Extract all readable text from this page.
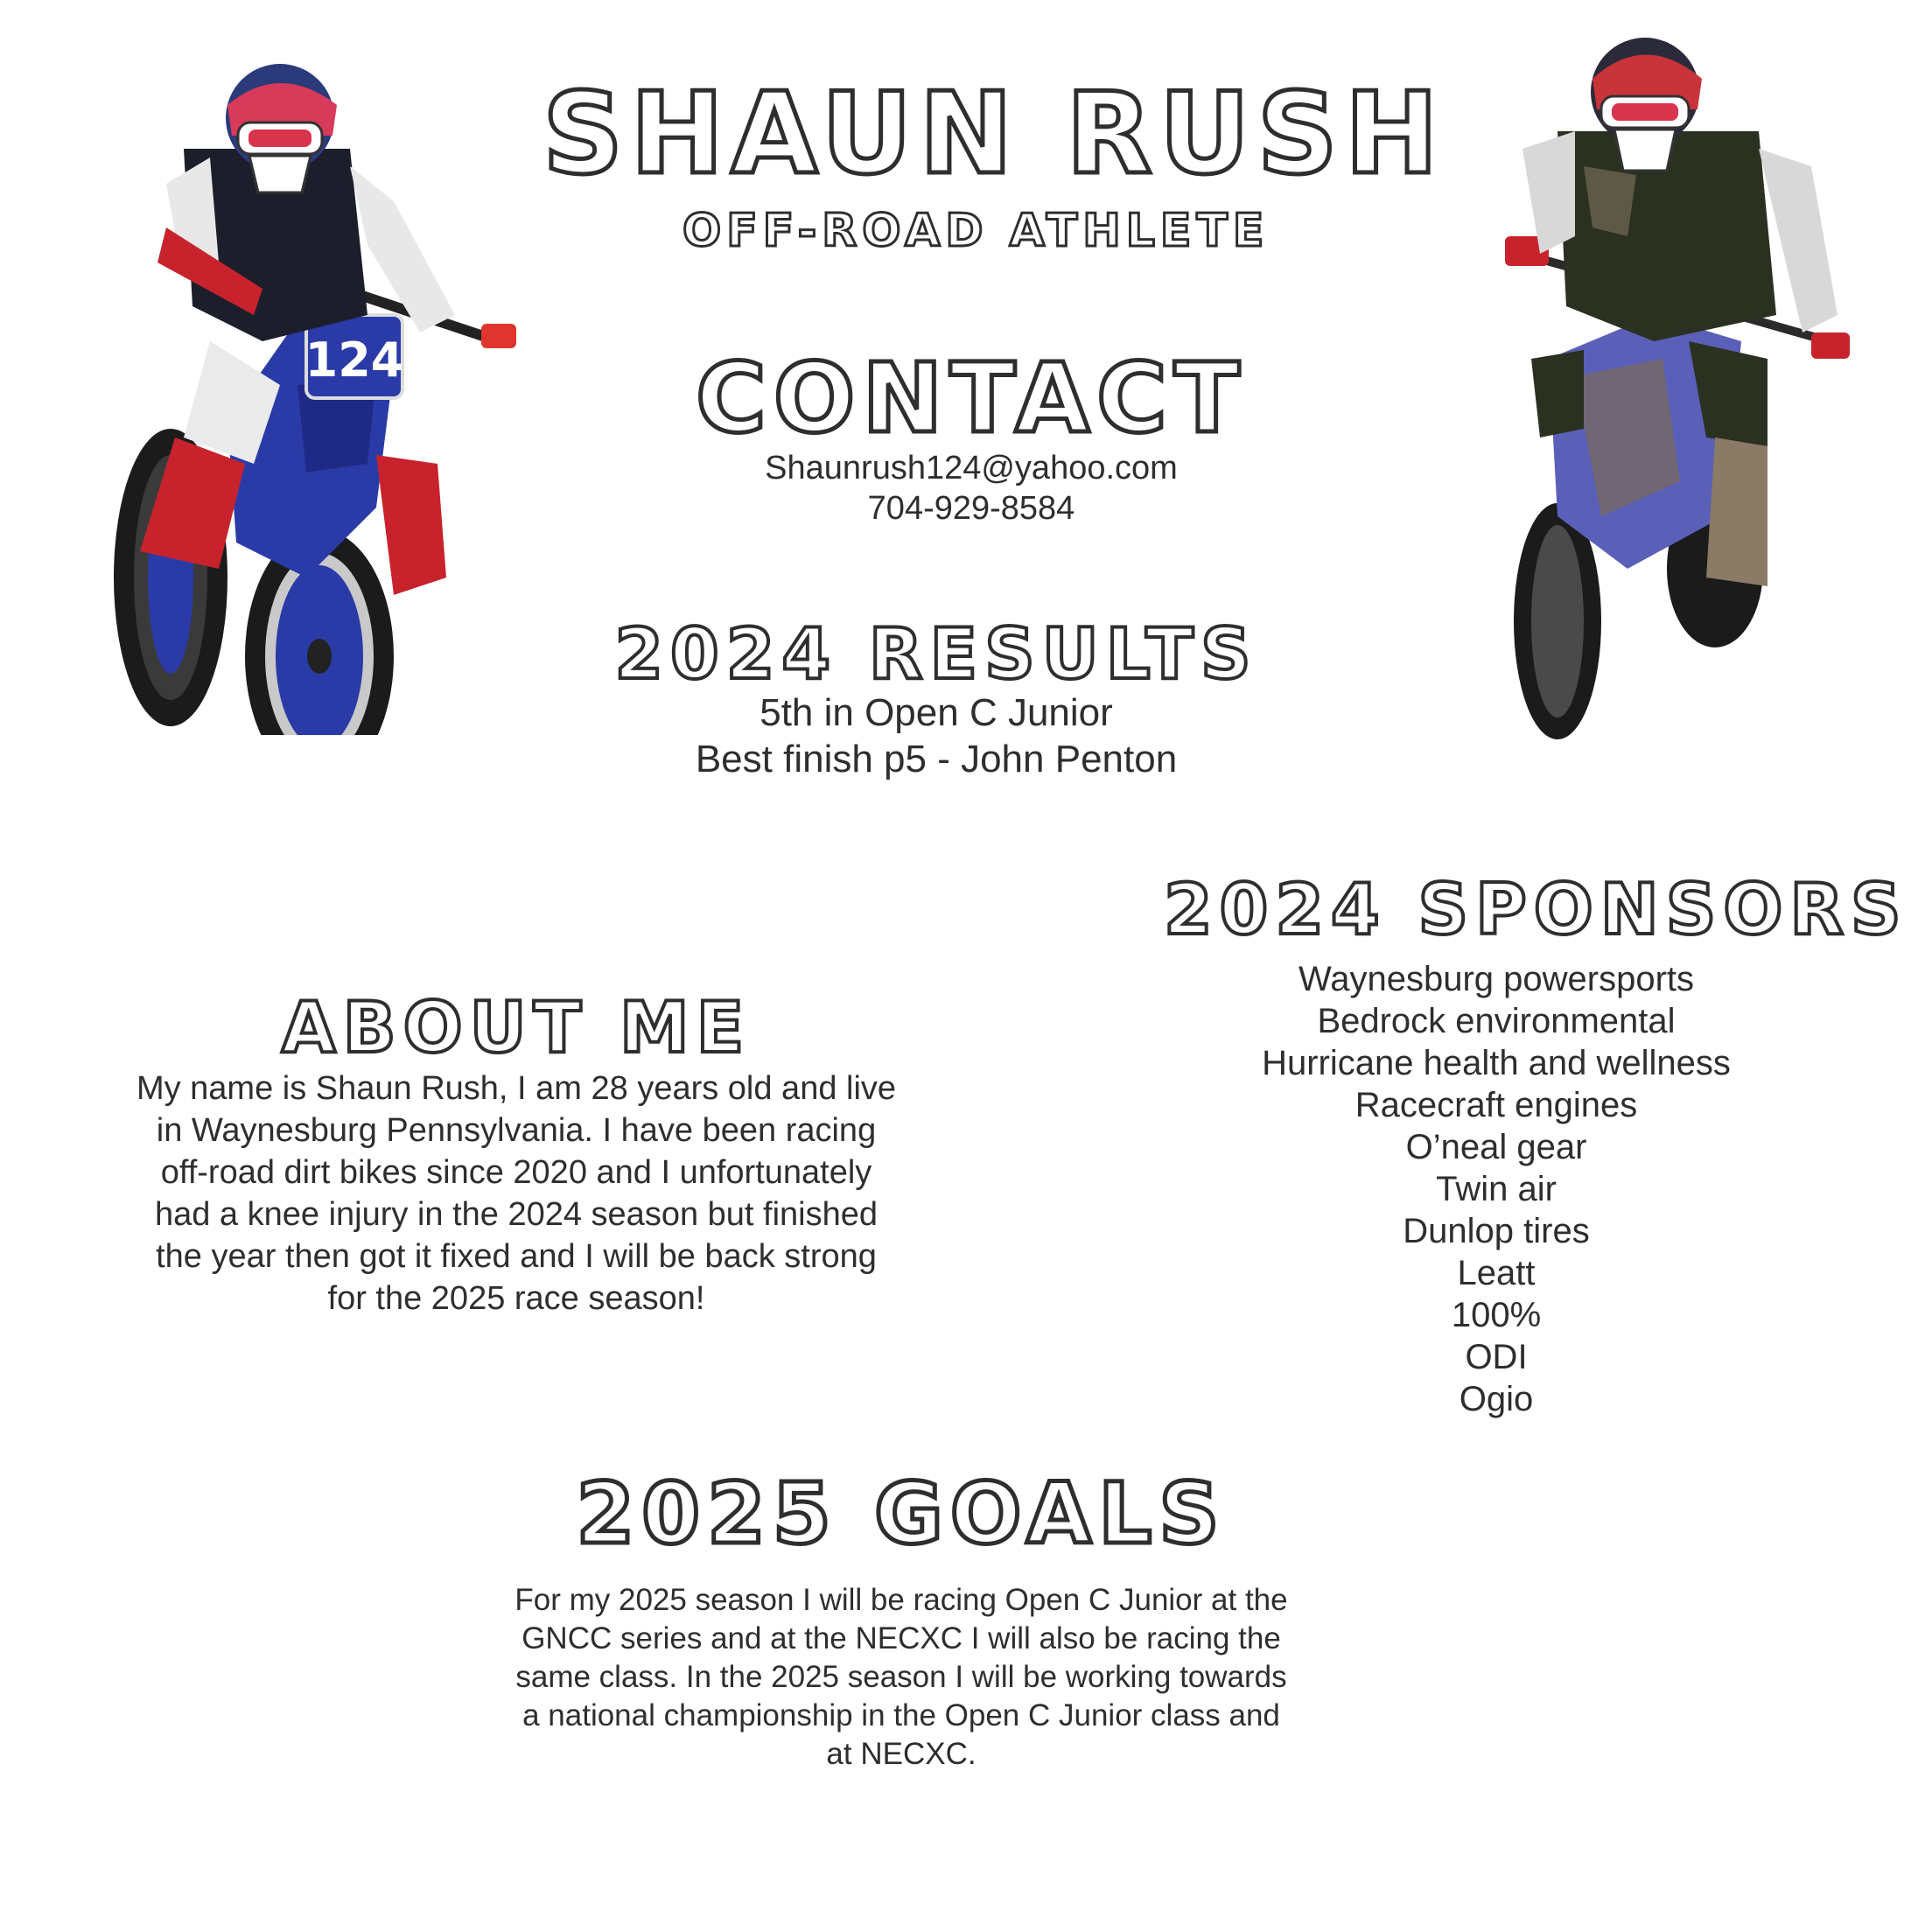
124
SHAUN RUSH
OFF-ROAD ATHLETE
CONTACT
Shaunrush124@yahoo.com
704-929-8584
2024 RESULTS
5th in Open C Junior
Best finish p5 - John Penton
2024 SPONSORS
Waynesburg powersports
Bedrock environmental
Hurricane health and wellness
Racecraft engines
O’neal gear
Twin air
Dunlop tires
Leatt
100%
ODI
Ogio
ABOUT ME
My name is Shaun Rush, I am 28 years old and live
in Waynesburg Pennsylvania. I have been racing
off-road dirt bikes since 2020 and I unfortunately
had a knee injury in the 2024 season but finished
the year then got it fixed and I will be back strong
for the 2025 race season!
2025 GOALS
For my 2025 season I will be racing Open C Junior at the
GNCC series and at the NECXC I will also be racing the
same class. In the 2025 season I will be working towards
a national championship in the Open C Junior class and
at NECXC.
